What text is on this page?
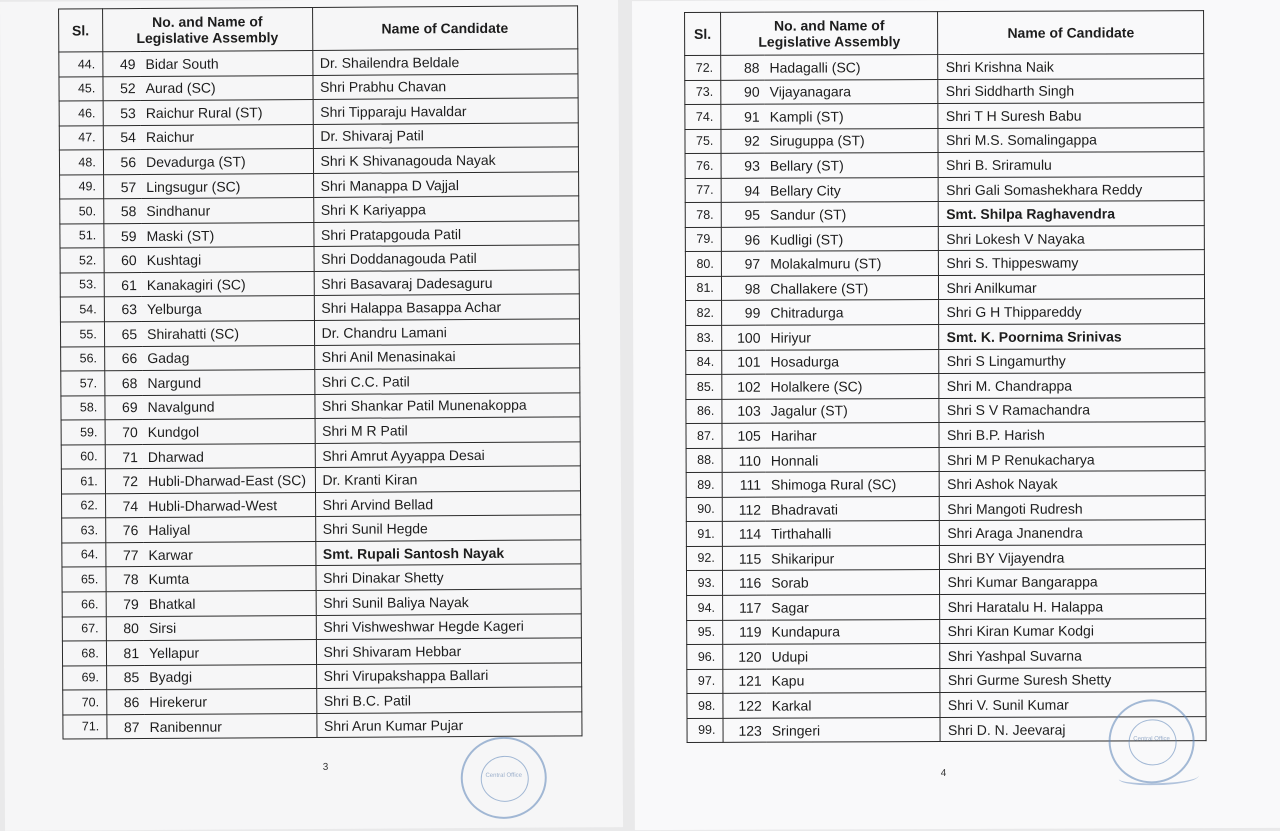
Sl.	No. and Name of Legislative Assembly		Name of Candidate
44.	49	Bidar South	Dr. Shailendra Beldale
45.	52	Aurad (SC)	Shri Prabhu Chavan
46.	53	Raichur Rural (ST)	Shri Tipparaju Havaldar
47.	54	Raichur	Dr. Shivaraj Patil
48.	56	Devadurga (ST)	Shri K Shivanagouda Nayak
49.	57	Lingsugur (SC)	Shri Manappa D Vajjal
50.	58	Sindhanur	Shri K Kariyappa
51.	59	Maski (ST)	Shri Pratapgouda Patil
52.	60	Kushtagi	Shri Doddanagouda Patil
53.	61	Kanakagiri (SC)	Shri Basavaraj Dadesaguru
54.	63	Yelburga	Shri Halappa Basappa Achar
55.	65	Shirahatti (SC)	Dr. Chandru Lamani
56.	66	Gadag	Shri Anil Menasinakai
57.	68	Nargund	Shri C.C. Patil
58.	69	Navalgund	Shri Shankar Patil Munenakoppa
59.	70	Kundgol	Shri M R Patil
60.	71	Dharwad	Shri Amrut Ayyappa Desai
61.	72	Hubli-Dharwad-East (SC)	Dr. Kranti Kiran
62.	74	Hubli-Dharwad-West	Shri Arvind Bellad
63.	76	Haliyal	Shri Sunil Hegde
64.	77	Karwar	Smt. Rupali Santosh Nayak
65.	78	Kumta	Shri Dinakar Shetty
66.	79	Bhatkal	Shri Sunil Baliya Nayak
67.	80	Sirsi	Shri Vishweshwar Hegde Kageri
68.	81	Yellapur	Shri Shivaram Hebbar
69.	85	Byadgi	Shri Virupakshappa Ballari
70.	86	Hirekerur	Shri B.C. Patil
71.	87	Ranibennur	Shri Arun Kumar Pujar
3
Central Office
Sl.	No. and Name of Legislative Assembly		Name of Candidate
72.	88	Hadagalli (SC)	Shri Krishna Naik
73.	90	Vijayanagara	Shri Siddharth Singh
74.	91	Kampli (ST)	Shri T H Suresh Babu
75.	92	Siruguppa (ST)	Shri M.S. Somalingappa
76.	93	Bellary (ST)	Shri B. Sriramulu
77.	94	Bellary City	Shri Gali Somashekhara Reddy
78.	95	Sandur (ST)	Smt. Shilpa Raghavendra
79.	96	Kudligi (ST)	Shri Lokesh V Nayaka
80.	97	Molakalmuru (ST)	Shri S. Thippeswamy
81.	98	Challakere (ST)	Shri Anilkumar
82.	99	Chitradurga	Shri G H Thippareddy
83.	100	Hiriyur	Smt. K. Poornima Srinivas
84.	101	Hosadurga	Shri S Lingamurthy
85.	102	Holalkere (SC)	Shri M. Chandrappa
86.	103	Jagalur (ST)	Shri S V Ramachandra
87.	105	Harihar	Shri B.P. Harish
88.	110	Honnali	Shri M P Renukacharya
89.	111	Shimoga Rural (SC)	Shri Ashok Nayak
90.	112	Bhadravati	Shri Mangoti Rudresh
91.	114	Tirthahalli	Shri Araga Jnanendra
92.	115	Shikaripur	Shri BY Vijayendra
93.	116	Sorab	Shri Kumar Bangarappa
94.	117	Sagar	Shri Haratalu H. Halappa
95.	119	Kundapura	Shri Kiran Kumar Kodgi
96.	120	Udupi	Shri Yashpal Suvarna
97.	121	Kapu	Shri Gurme Suresh Shetty
98.	122	Karkal	Shri V. Sunil Kumar
99.	123	Sringeri	Shri D. N. Jeevaraj
4
Central Office
